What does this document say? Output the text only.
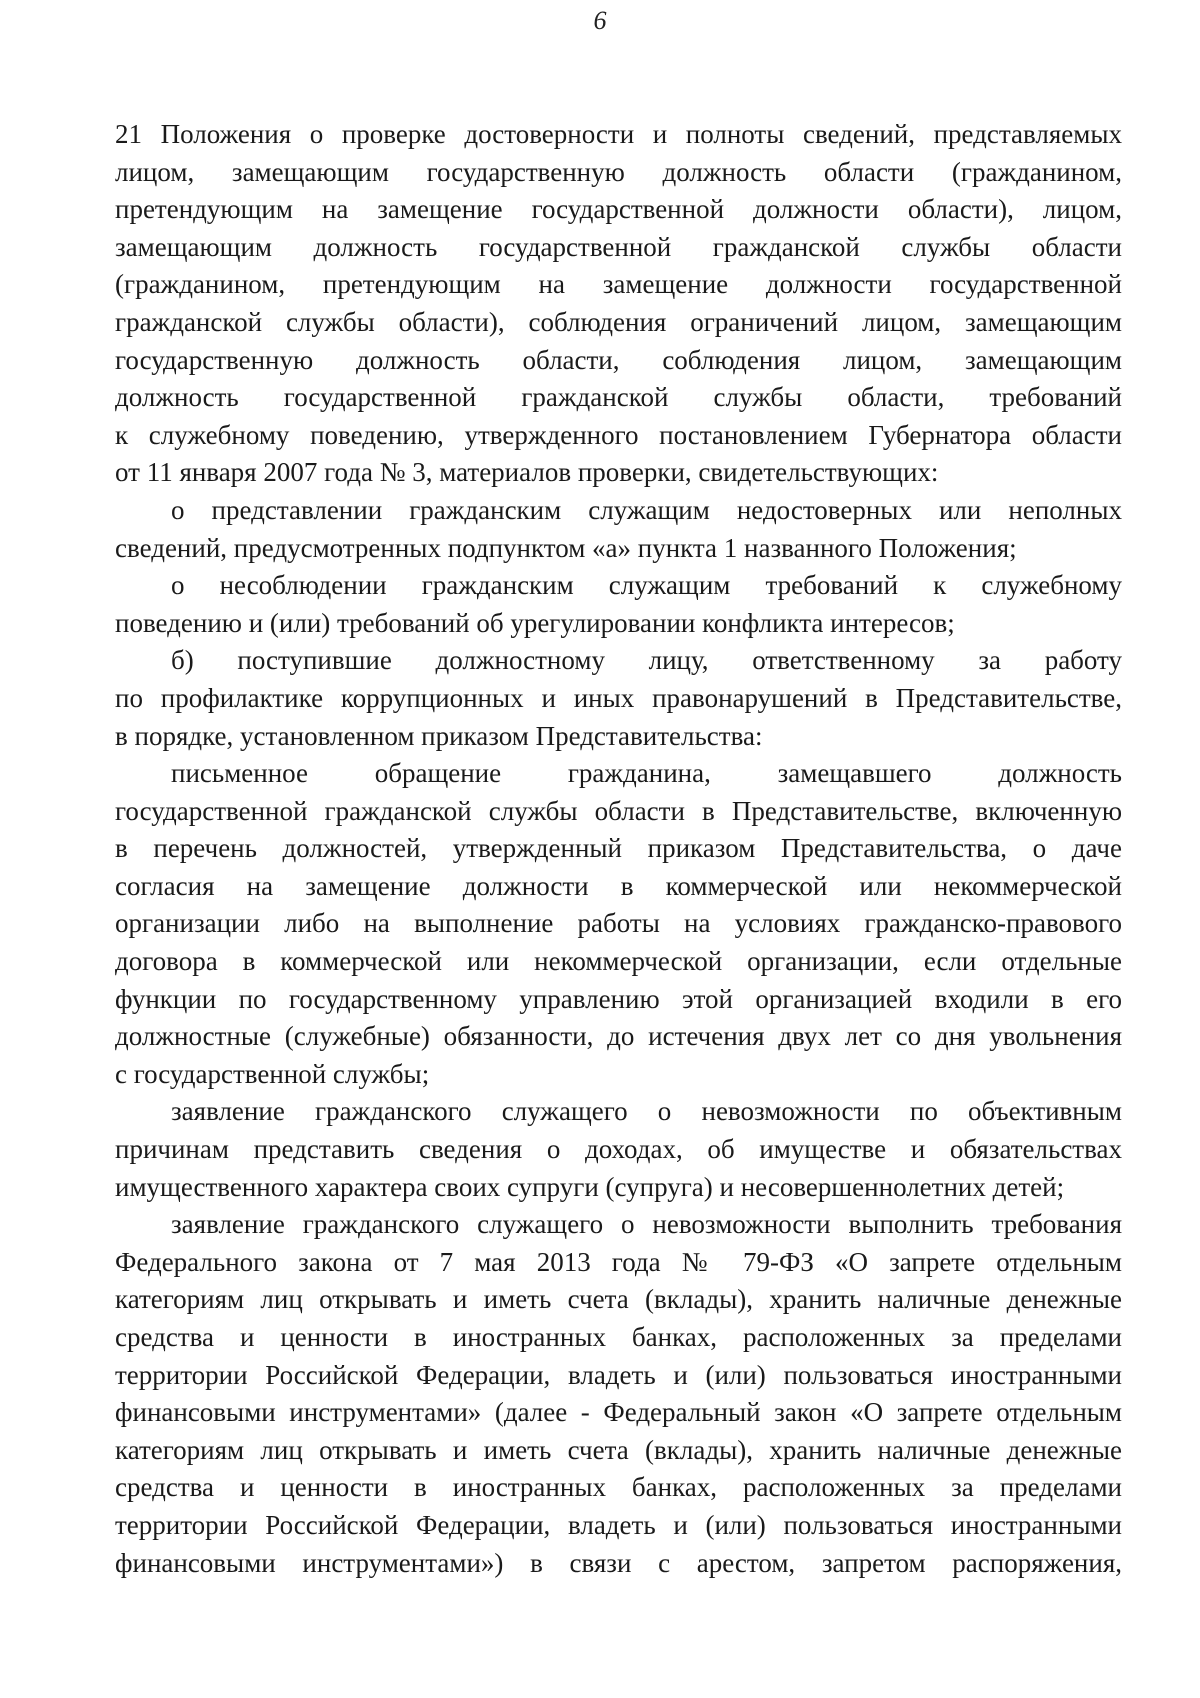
6
21 Положения о проверке достоверности и полноты сведений, представляемых
лицом, замещающим государственную должность области (гражданином,
претендующим на замещение государственной должности области), лицом,
замещающим должность государственной гражданской службы области
(гражданином, претендующим на замещение должности государственной
гражданской службы области), соблюдения ограничений лицом, замещающим
государственную должность области, соблюдения лицом, замещающим
должность государственной гражданской службы области, требований
к служебному поведению, утвержденного постановлением Губернатора области
от 11 января 2007 года № 3, материалов проверки, свидетельствующих:
о представлении гражданским служащим недостоверных или неполных
сведений, предусмотренных подпунктом «а» пункта 1 названного Положения;
о несоблюдении гражданским служащим требований к служебному
поведению и (или) требований об урегулировании конфликта интересов;
б) поступившие должностному лицу, ответственному за работу
по профилактике коррупционных и иных правонарушений в Представительстве,
в порядке, установленном приказом Представительства:
письменное обращение гражданина, замещавшего должность
государственной гражданской службы области в Представительстве, включенную
в перечень должностей, утвержденный приказом Представительства, о даче
согласия на замещение должности в коммерческой или некоммерческой
организации либо на выполнение работы на условиях гражданско-правового
договора в коммерческой или некоммерческой организации, если отдельные
функции по государственному управлению этой организацией входили в его
должностные (служебные) обязанности, до истечения двух лет со дня увольнения
с государственной службы;
заявление гражданского служащего о невозможности по объективным
причинам представить сведения о доходах, об имуществе и обязательствах
имущественного характера своих супруги (супруга) и несовершеннолетних детей;
заявление гражданского служащего о невозможности выполнить требования
Федерального закона от 7 мая 2013 года № 79-ФЗ «О запрете отдельным
категориям лиц открывать и иметь счета (вклады), хранить наличные денежные
средства и ценности в иностранных банках, расположенных за пределами
территории Российской Федерации, владеть и (или) пользоваться иностранными
финансовыми инструментами» (далее - Федеральный закон «О запрете отдельным
категориям лиц открывать и иметь счета (вклады), хранить наличные денежные
средства и ценности в иностранных банках, расположенных за пределами
территории Российской Федерации, владеть и (или) пользоваться иностранными
финансовыми инструментами») в связи с арестом, запретом распоряжения,
